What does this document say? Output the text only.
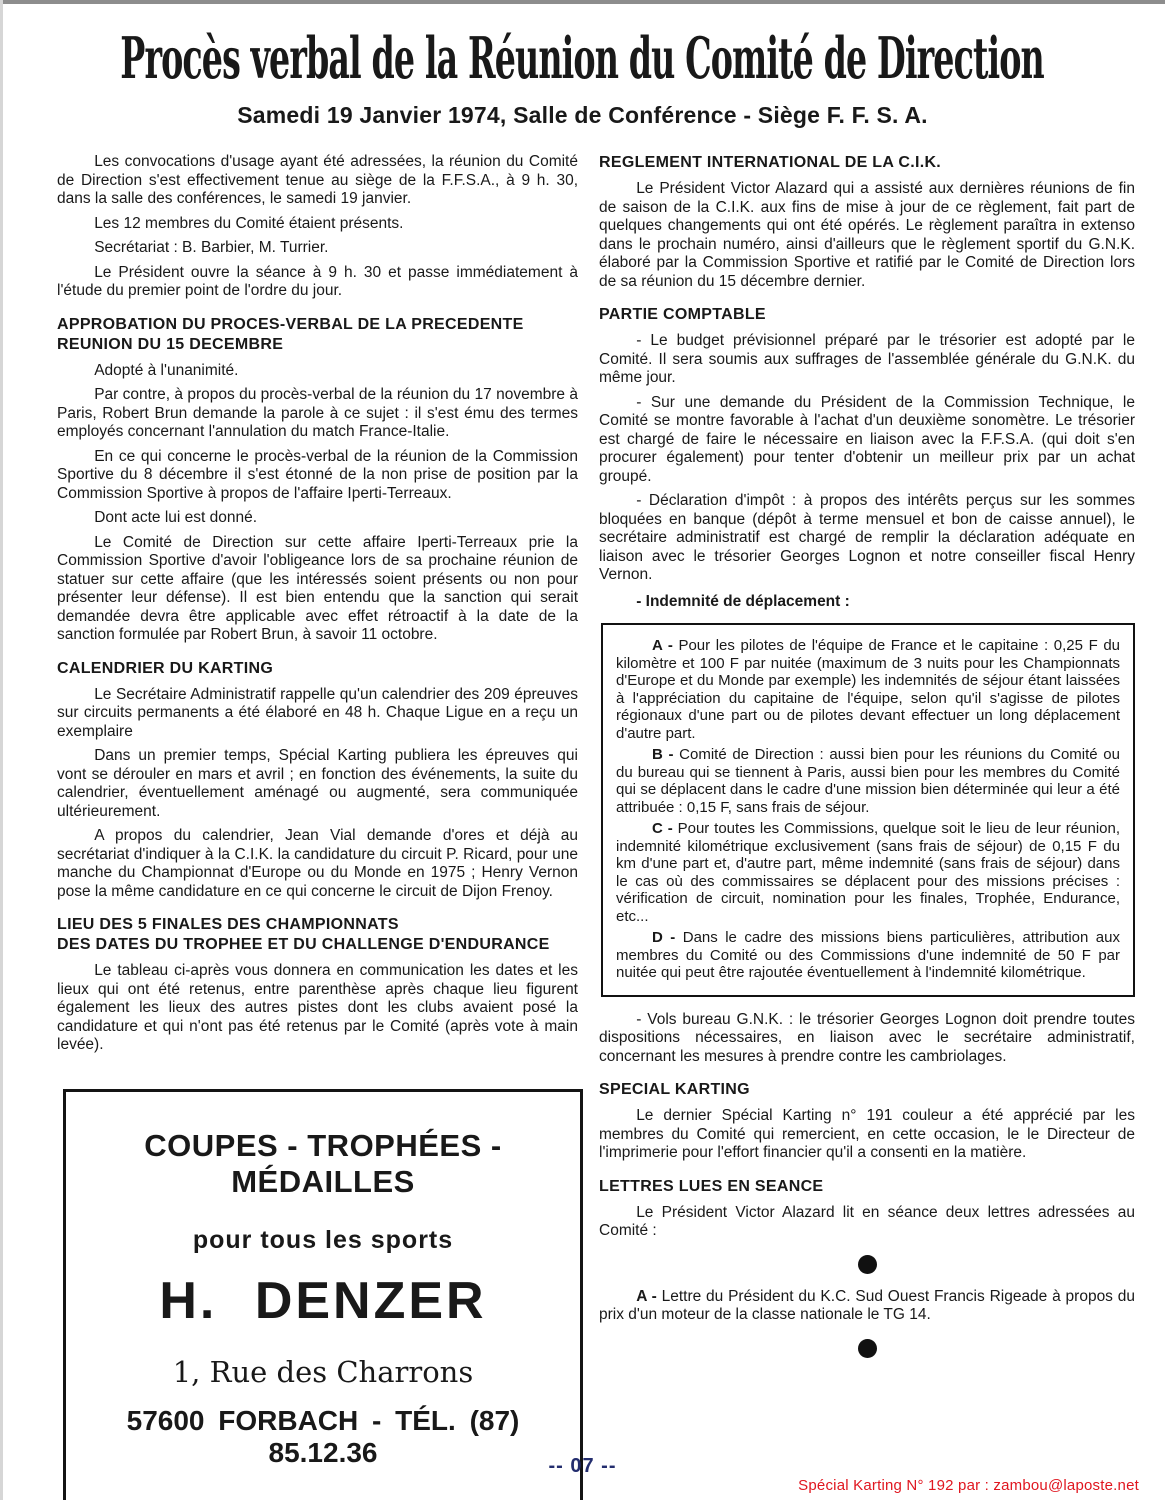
Procès verbal de la Réunion du Comité de Direction
Samedi 19 Janvier 1974, Salle de Conférence - Siège F. F. S. A.

Les convocations d'usage ayant été adressées, la réunion du Comité de Direction s'est effectivement tenue au siège de la F.F.S.A., à 9 h. 30, dans la salle des conférences, le samedi 19 janvier.

Les 12 membres du Comité étaient présents.

Secrétariat : B. Barbier, M. Turrier.

Le Président ouvre la séance à 9 h. 30 et passe immédiatement à l'étude du premier point de l'ordre du jour.

APPROBATION DU PROCES-VERBAL DE LA PRECEDENTE REUNION DU 15 DECEMBRE

Adopté à l'unanimité.

Par contre, à propos du procès-verbal de la réunion du 17 novembre à Paris, Robert Brun demande la parole à ce sujet : il s'est ému des termes employés concernant l'annulation du match France-Italie.

En ce qui concerne le procès-verbal de la réunion de la Commission Sportive du 8 décembre il s'est étonné de la non prise de position par la Commission Sportive à propos de l'affaire Iperti-Terreaux.

Dont acte lui est donné.

Le Comité de Direction sur cette affaire Iperti-Terreaux prie la Commission Sportive d'avoir l'obligeance lors de sa prochaine réunion de statuer sur cette affaire (que les intéressés soient présents ou non pour présenter leur défense). Il est bien entendu que la sanction qui serait demandée devra être applicable avec effet rétroactif à la date de la sanction formulée par Robert Brun, à savoir 11 octobre.

CALENDRIER DU KARTING

Le Secrétaire Administratif rappelle qu'un calendrier des 209 épreuves sur circuits permanents a été élaboré en 48 h. Chaque Ligue en a reçu un exemplaire

Dans un premier temps, Spécial Karting publiera les épreuves qui vont se dérouler en mars et avril ; en fonction des événements, la suite du calendrier, éventuellement aménagé ou augmenté, sera communiquée ultérieurement.

A propos du calendrier, Jean Vial demande d'ores et déjà au secrétariat d'indiquer à la C.I.K. la candidature du circuit P. Ricard, pour une manche du Championnat d'Europe ou du Monde en 1975 ; Henry Vernon pose la même candidature en ce qui concerne le circuit de Dijon Frenoy.

LIEU DES 5 FINALES DES CHAMPIONNATS
DES DATES DU TROPHEE ET DU CHALLENGE D'ENDURANCE

Le tableau ci-après vous donnera en communication les dates et les lieux qui ont été retenus, entre parenthèse après chaque lieu figurent également les lieux des autres pistes dont les clubs avaient posé la candidature et qui n'ont pas été retenus par le Comité (après vote à main levée).

COUPES - TROPHÉES - MÉDAILLES
pour tous les sports
H. DENZER
1, Rue des Charrons
57600 FORBACH - TÉL. (87) 85.12.36
REGLEMENT INTERNATIONAL DE LA C.I.K.

Le Président Victor Alazard qui a assisté aux dernières réunions de fin de saison de la C.I.K. aux fins de mise à jour de ce règlement, fait part de quelques changements qui ont été opérés. Le règlement paraîtra in extenso dans le prochain numéro, ainsi d'ailleurs que le règlement sportif du G.N.K. élaboré par la Commission Sportive et ratifié par le Comité de Direction lors de sa réunion du 15 décembre dernier.

PARTIE COMPTABLE

- Le budget prévisionnel préparé par le trésorier est adopté par le Comité. Il sera soumis aux suffrages de l'assemblée générale du G.N.K. du même jour.

- Sur une demande du Président de la Commission Technique, le Comité se montre favorable à l'achat d'un deuxième sonomètre. Le trésorier est chargé de faire le nécessaire en liaison avec la F.F.S.A. (qui doit s'en procurer également) pour tenter d'obtenir un meilleur prix par un achat groupé.

- Déclaration d'impôt : à propos des intérêts perçus sur les sommes bloquées en banque (dépôt à terme mensuel et bon de caisse annuel), le secrétaire administratif est chargé de remplir la déclaration adéquate en liaison avec le trésorier Georges Lognon et notre conseiller fiscal Henry Vernon.

- Indemnité de déplacement :

A - Pour les pilotes de l'équipe de France et le capitaine : 0,25 F du kilomètre et 100 F par nuitée (maximum de 3 nuits pour les Championnats d'Europe et du Monde par exemple) les indemnités de séjour étant laissées à l'appréciation du capitaine de l'équipe, selon qu'il s'agisse de pilotes régionaux d'une part ou de pilotes devant effectuer un long déplacement d'autre part.

B - Comité de Direction : aussi bien pour les réunions du Comité ou du bureau qui se tiennent à Paris, aussi bien pour les membres du Comité qui se déplacent dans le cadre d'une mission bien déterminée qui leur a été attribuée : 0,15 F, sans frais de séjour.

C - Pour toutes les Commissions, quelque soit le lieu de leur réunion, indemnité kilométrique exclusivement (sans frais de séjour) de 0,15 F du km d'une part et, d'autre part, même indemnité (sans frais de séjour) dans le cas où des commissaires se déplacent pour des missions précises : vérification de circuit, nomination pour les finales, Trophée, Endurance, etc...

D - Dans le cadre des missions biens particulières, attribution aux membres du Comité ou des Commissions d'une indemnité de 50 F par nuitée qui peut être rajoutée éventuellement à l'indemnité kilométrique.

- Vols bureau G.N.K. : le trésorier Georges Lognon doit prendre toutes dispositions nécessaires, en liaison avec le secrétaire administratif, concernant les mesures à prendre contre les cambriolages.

SPECIAL KARTING

Le dernier Spécial Karting n° 191 couleur a été apprécié par les membres du Comité qui remercient, en cette occasion, le le Directeur de l'imprimerie pour l'effort financier qu'il a consenti en la matière.

LETTRES LUES EN SEANCE

Le Président Victor Alazard lit en séance deux lettres adressées au Comité :

A - Lettre du Président du K.C. Sud Ouest Francis Rigeade à propos du prix d'un moteur de la classe nationale le TG 14.

-- 07 --
Spécial Karting N° 192 par : zambou@laposte.net
